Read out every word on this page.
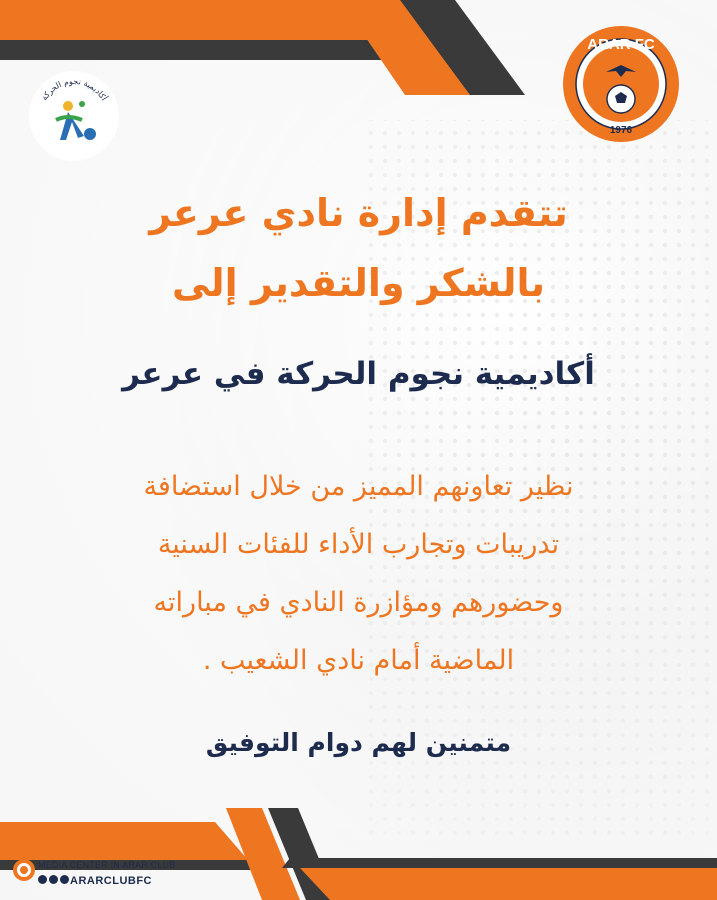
ARAR FC
1976
أكاديمية نجوم الحركة
تتقدم إدارة نادي عرعر
بالشكر والتقدير إلى
أكاديمية نجوم الحركة في عرعر
نظير تعاونهم المميز من خلال استضافة
تدريبات وتجارب الأداء للفئات السنية
وحضورهم ومؤازرة النادي في مباراته
الماضية أمام نادي الشعيب .
متمنين لهم دوام التوفيق
MEDIA CENTER IN ARAR CLUB
ARARCLUBFC
